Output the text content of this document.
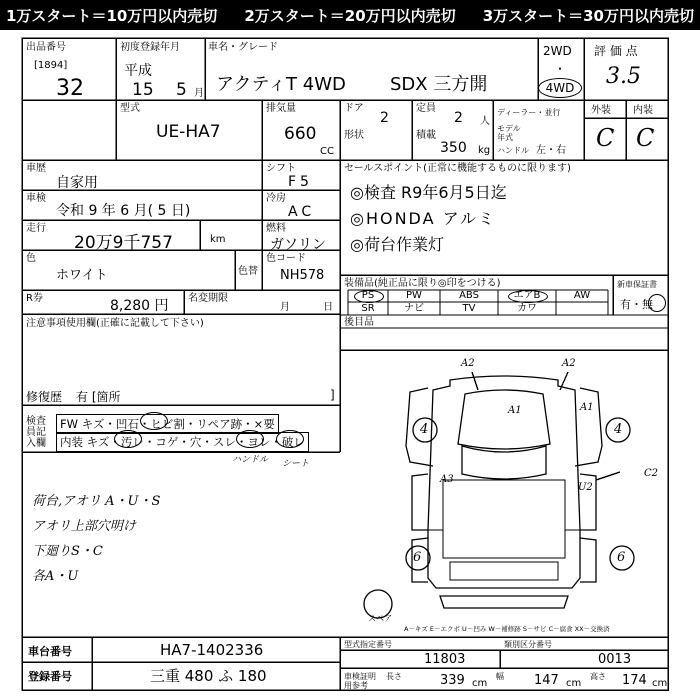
1万スタート＝10万円以内売切 2万スタート＝20万円以内売切 3万スタート＝30万円以内売切
出品番号
[1894]
32
初度登録年月
平成
15 5 月
車名・グレード
アクティT 4WD SDX 三方開
2WD
・
4WD
評 価 点
3.5
型式
UE-HA7
排気量
660
CC
ドア
2
形状
定員
2 人
積載
350 kg
ディーラー・並行
モデル年式
ハンドル 左・右
外装 内装
C C
車歴
自家用
シフト
F5
車検
令和 9 年 6 月( 5 日)
冷房
AC
走行
20万9千757	km
燃料
ガソリン
色
ホワイト	色替
色コード
NH578
R券	8,280 円 名変期限
月 日
注意事項使用欄(正確に記載して下さい)
修復歴 有 [箇所	]
セールスポイント(正常に機能するものに限ります)
◎検査 R9年6月5日迄
◎HONDA アルミ
◎荷台作業灯
装備品(純正品に限り◎印をつける)	新車保証書
有・無
PS	PW	ABS	エアB	AW
SR	ナビ	TV	カワ
後目品
検査員記入欄
FW キズ・凹石・ヒビ割・リペア跡・×要
内装 キズ・汚レ・コゲ・穴・スレ・ヨレ・破レ
ハンドル シート
荷台,アオリ A・U・S
アオリ上部穴明け
下廻りS・C
各A・U
A2	A2
A1	A1
A3
U2
C2
4	4
6	6
スペア
A－キズ E－エクボ U－凹み W－補修跡 S－サビ C－腐食 XX－交換済
車台番号	HA7-1402336
登録番号	三重 480 ふ 180
型式指定番号
11803
類別区分番号
0013
車検証明用参考
長さ	339 cm
幅 147 cm
高さ 174 cm
